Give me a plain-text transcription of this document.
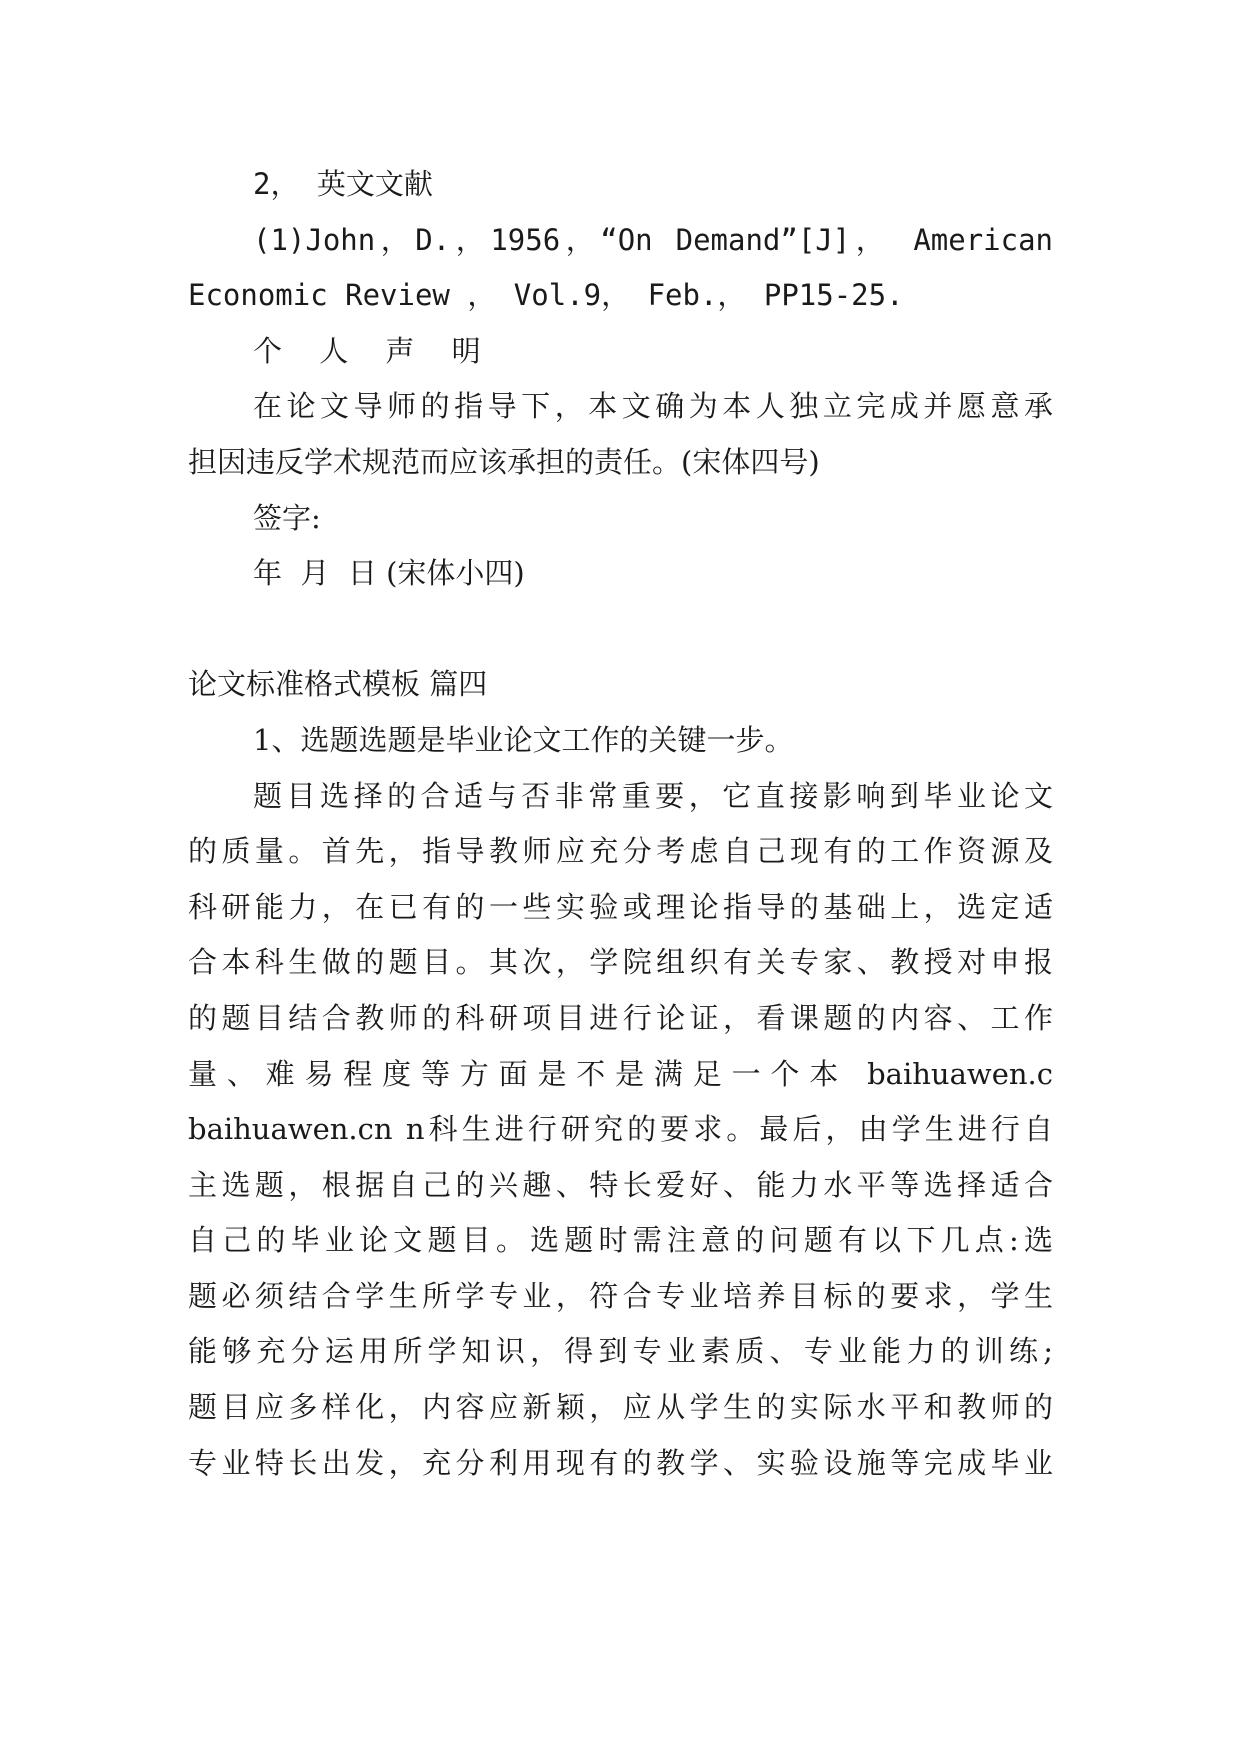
2， 英文文献
(1)John，D.，1956，“On Demand”[J]， American
Economic Review ， Vol.9， Feb.， PP15-25.
个 人 声 明
在论文导师的指导下，本文确为本人独立完成并愿意承
担因违反学术规范而应该承担的责任。(宋体四号)
签字:
年  月  日 (宋体小四)
论文标准格式模板 篇四
1、选题选题是毕业论文工作的关键一步。
题目选择的合适与否非常重要，它直接影响到毕业论文
的质量。首先，指导教师应充分考虑自己现有的工作资源及
科研能力，在已有的一些实验或理论指导的基础上，选定适
合本科生做的题目。其次，学院组织有关专家、教授对申报
的题目结合教师的科研项目进行论证，看课题的内容、工作
量、难易程度等方面是不是满足一个本 baihuawen.c
baihuawen.cn n科生进行研究的要求。最后，由学生进行自
主选题，根据自己的兴趣、特长爱好、能力水平等选择适合
自己的毕业论文题目。选题时需注意的问题有以下几点:选
题必须结合学生所学专业，符合专业培养目标的要求，学生
能够充分运用所学知识，得到专业素质、专业能力的训练;
题目应多样化，内容应新颖，应从学生的实际水平和教师的
专业特长出发，充分利用现有的教学、实验设施等完成毕业
